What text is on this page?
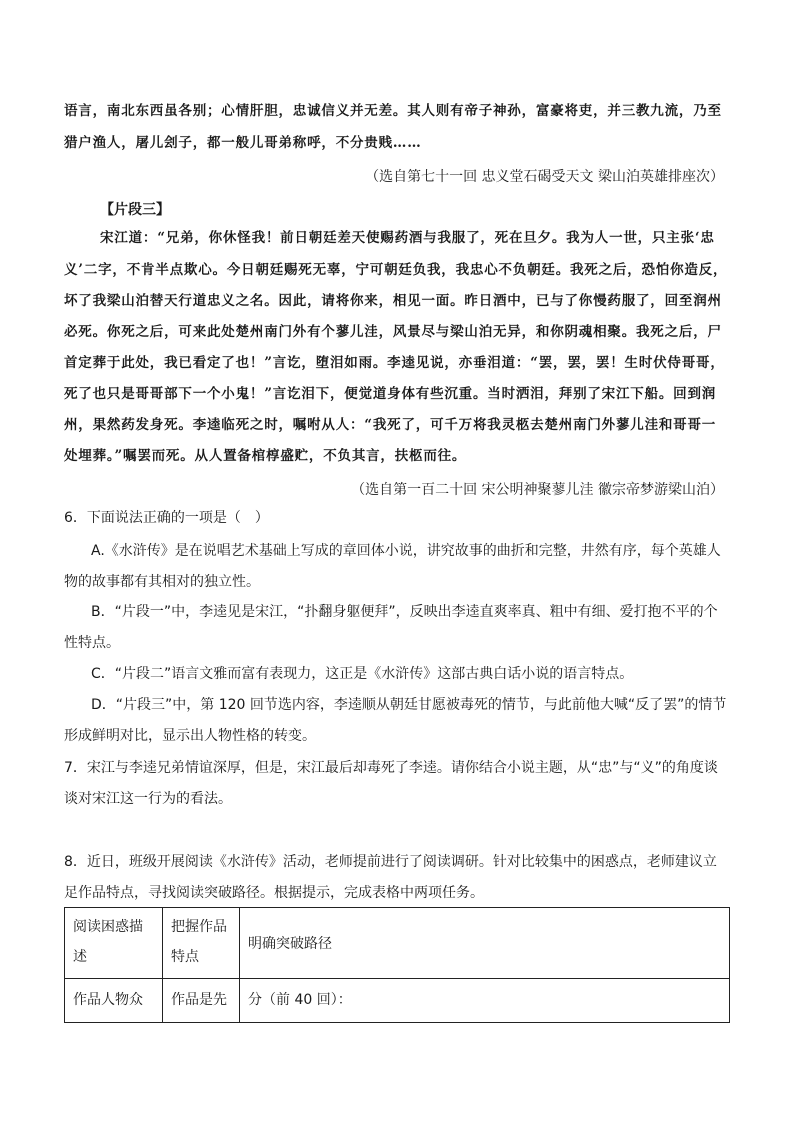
语言，南北东西虽各别；心情肝胆，忠诚信义并无差。其人则有帝子神孙，富豪将吏，并三教九流，乃至
猎户渔人，屠儿刽子，都一般儿哥弟称呼，不分贵贱……
（选自第七十一回 忠义堂石碣受天文 梁山泊英雄排座次）
【片段三】
宋江道：“兄弟，你休怪我！前日朝廷差天使赐药酒与我服了，死在旦夕。我为人一世，只主张‘忠
义’二字，不肯半点欺心。今日朝廷赐死无辜，宁可朝廷负我，我忠心不负朝廷。我死之后，恐怕你造反，
坏了我梁山泊替天行道忠义之名。因此，请将你来，相见一面。昨日酒中，已与了你慢药服了，回至润州
必死。你死之后，可来此处楚州南门外有个蓼儿洼，风景尽与梁山泊无异，和你阴魂相聚。我死之后，尸
首定葬于此处，我已看定了也！”言讫，堕泪如雨。李逵见说，亦垂泪道：“罢，罢，罢！生时伏侍哥哥，
死了也只是哥哥部下一个小鬼！”言讫泪下，便觉道身体有些沉重。当时洒泪，拜别了宋江下船。回到润
州，果然药发身死。李逵临死之时，嘱咐从人：“我死了，可千万将我灵柩去楚州南门外蓼儿洼和哥哥一
处埋葬。”嘱罢而死。从人置备棺椁盛贮，不负其言，扶柩而往。
（选自第一百二十回 宋公明神聚蓼儿洼 徽宗帝梦游梁山泊）
6．下面说法正确的一项是（　）
A.《水浒传》是在说唱艺术基础上写成的章回体小说，讲究故事的曲折和完整，井然有序，每个英雄人
物的故事都有其相对的独立性。
B．“片段一”中，李逵见是宋江，“扑翻身躯便拜”，反映出李逵直爽率真、粗中有细、爱打抱不平的个
性特点。
C．“片段二”语言文雅而富有表现力，这正是《水浒传》这部古典白话小说的语言特点。
D．“片段三”中，第 120 回节选内容，李逵顺从朝廷甘愿被毒死的情节，与此前他大喊“反了罢”的情节
形成鲜明对比，显示出人物性格的转变。
7．宋江与李逵兄弟情谊深厚，但是，宋江最后却毒死了李逵。请你结合小说主题，从“忠”与“义”的角度谈
谈对宋江这一行为的看法。
8．近日，班级开展阅读《水浒传》活动，老师提前进行了阅读调研。针对比较集中的困惑点，老师建议立
足作品特点，寻找阅读突破路径。根据提示，完成表格中两项任务。
阅读困惑描述	把握作品特点	明确突破路径
作品人物众	作品是先	分（前 40 回）：
